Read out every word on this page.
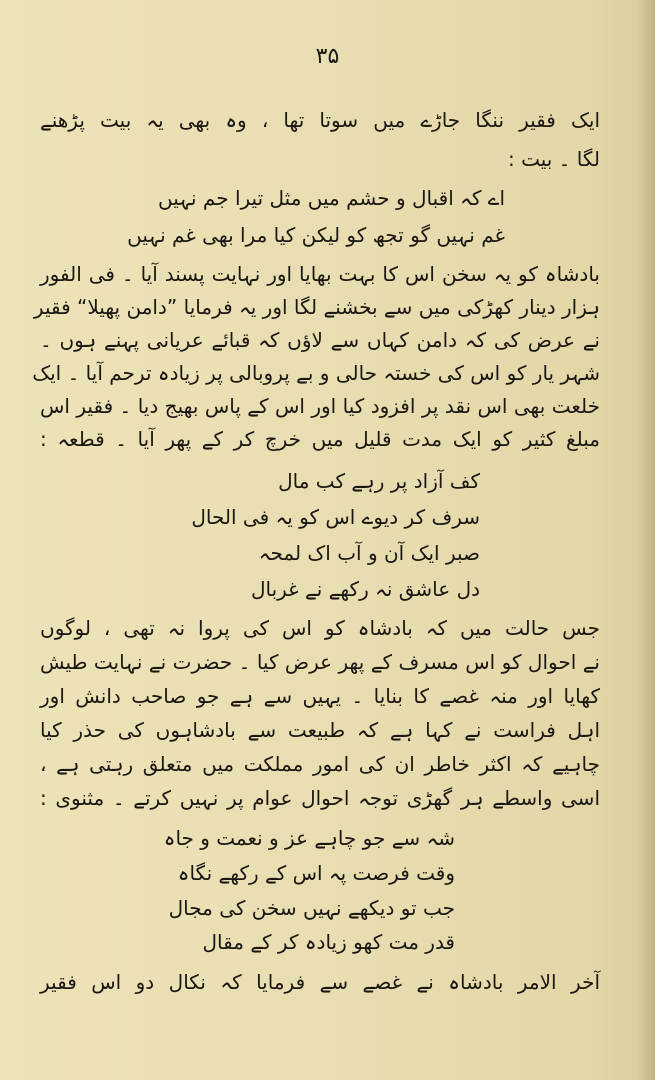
۳۵
ایک فقیر ننگا جاڑے میں سوتا تھا ، وہ بھی یہ بیت پڑھنے
لگا ۔ بیت :
اے کہ اقبال و حشم میں مثل تیرا جم نہیں
غم نہیں گو تجھ کو لیکن کیا مرا بھی غم نہیں
بادشاہ کو یہ سخن اس کا بہت بھایا اور نہایت پسند آیا ۔ فی الفور
ہزار دینار کھڑکی میں سے بخشنے لگا اور یہ فرمایا ”دامن پھیلا“ فقیر
نے عرض کی کہ دامن کہاں سے لاؤں کہ قبائے عریانی پہنے ہوں ۔
شہر یار کو اس کی خستہ حالی و بے پروبالی پر زیادہ ترحم آیا ۔ ایک
خلعت بھی اس نقد پر افزود کیا اور اس کے پاس بھیج دیا ۔ فقیر اس
مبلغ کثیر کو ایک مدت قلیل میں خرچ کر کے پھر آیا ۔ قطعہ :
کف آزاد پر رہے کب مال
سرف کر دیوے اس کو یہ فی الحال
صبر ایک آن و آب اک لمحہ
دل عاشق نہ رکھے نے غربال
جس حالت میں کہ بادشاہ کو اس کی پروا نہ تھی ، لوگوں
نے احوال کو اس مسرف کے پھر عرض کیا ۔ حضرت نے نہایت طیش
کھایا اور منہ غصے کا بنایا ۔ یہیں سے ہے جو صاحب دانش اور
اہل فراست نے کہا ہے کہ طبیعت سے بادشاہوں کی حذر کیا
چاہیے کہ اکثر خاطر ان کی امور مملکت میں متعلق رہتی ہے ،
اسی واسطے ہر گھڑی توجہ احوال عوام پر نہیں کرتے ۔ مثنوی :
شہ سے جو چاہے عز و نعمت و جاہ
وقت فرصت پہ اس کے رکھے نگاہ
جب تو دیکھے نہیں سخن کی مجال
قدر مت کھو زیادہ کر کے مقال
آخر الامر بادشاہ نے غصے سے فرمایا کہ نکال دو اس فقیر
